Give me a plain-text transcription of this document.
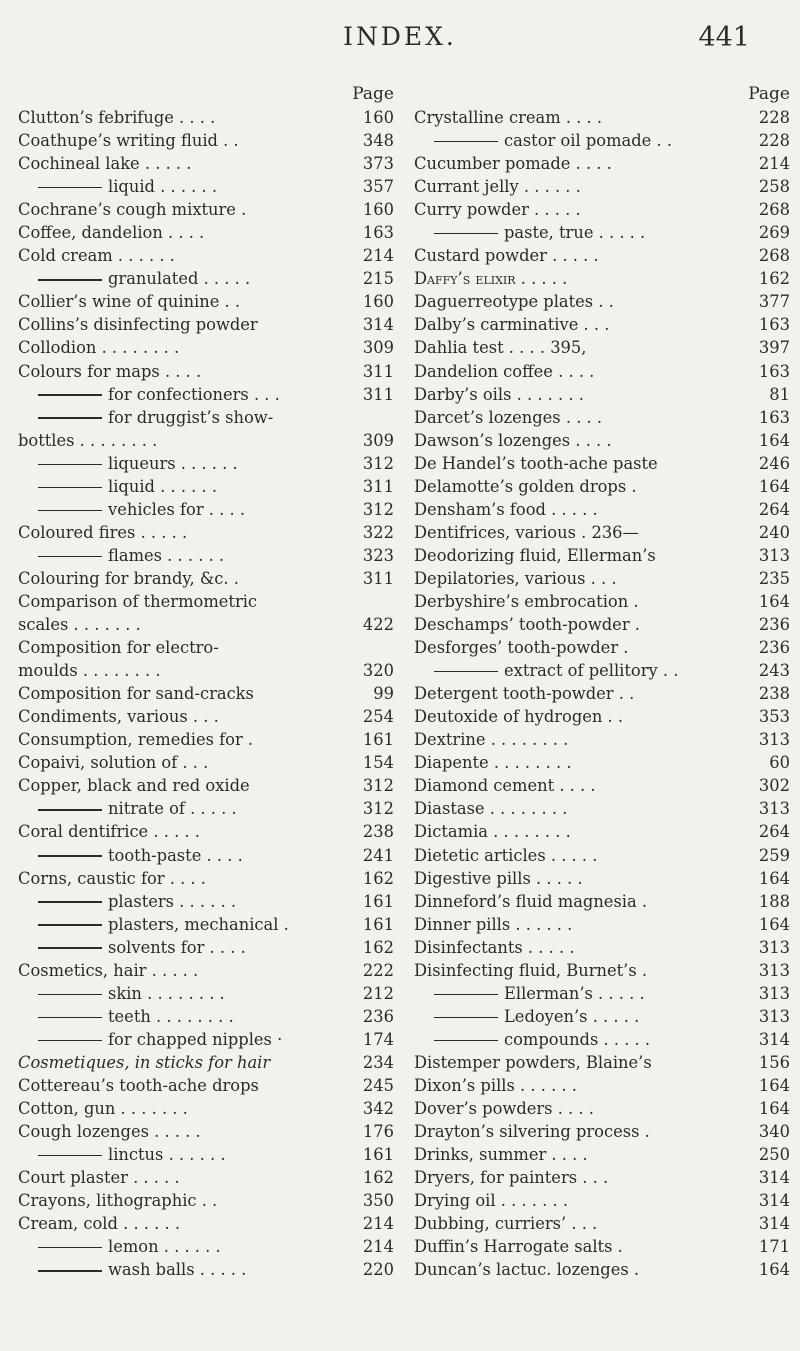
INDEX.	441
Page
Clutton’s febrifuge . . . .	160
Coathupe’s writing fluid . .	348
Cochineal lake . . . . .	373
liquid . . . . . .	357
Cochrane’s cough mixture .	160
Coffee, dandelion . . . .	163
Cold cream . . . . . .	214
granulated . . . . .	215
Collier’s wine of quinine . .	160
Collins’s disinfecting powder	314
Collodion . . . . . . . .	309
Colours for maps . . . .	311
for confectioners . . .	311
for druggist’s show-
bottles . . . . . . . .	309
liqueurs . . . . . .	312
liquid . . . . . .	311
vehicles for . . . .	312
Coloured fires . . . . .	322
flames . . . . . .	323
Colouring for brandy, &c. .	311
Comparison of thermometric
scales . . . . . . .	422
Composition for electro-
moulds . . . . . . . .	320
Composition for sand-cracks	99
Condiments, various . . .	254
Consumption, remedies for .	161
Copaivi, solution of . . .	154
Copper, black and red oxide	312
nitrate of . . . . .	312
Coral dentifrice . . . . .	238
tooth-paste . . . .	241
Corns, caustic for . . . .	162
plasters . . . . . .	161
plasters, mechanical .	161
solvents for . . . .	162
Cosmetics, hair . . . . .	222
skin . . . . . . . .	212
teeth . . . . . . . .	236
for chapped nipples ·	174
Cosmetiques, in sticks for hair	234
Cottereau’s tooth-ache drops	245
Cotton, gun . . . . . . .	342
Cough lozenges . . . . .	176
linctus . . . . . .	161
Court plaster . . . . .	162
Crayons, lithographic . .	350
Cream, cold . . . . . .	214
lemon . . . . . .	214
wash balls . . . . .	220
Page
Crystalline cream . . . .	228
castor oil pomade . .	228
Cucumber pomade . . . .	214
Currant jelly . . . . . .	258
Curry powder . . . . .	268
paste, true . . . . .	269
Custard powder . . . . .	268
Daffy’s elixir . . . . .	162
Daguerreotype plates . .	377
Dalby’s carminative . . .	163
Dahlia test . . . . 395,	397
Dandelion coffee . . . .	163
Darby’s oils . . . . . . .	81
Darcet’s lozenges . . . .	163
Dawson’s lozenges . . . .	164
De Handel’s tooth-ache paste	246
Delamotte’s golden drops .	164
Densham’s food . . . . .	264
Dentifrices, various . 236—	240
Deodorizing fluid, Ellerman’s	313
Depilatories, various . . .	235
Derbyshire’s embrocation .	164
Deschamps’ tooth-powder .	236
Desforges’ tooth-powder .	236
extract of pellitory . .	243
Detergent tooth-powder . .	238
Deutoxide of hydrogen . .	353
Dextrine . . . . . . . .	313
Diapente . . . . . . . .	60
Diamond cement . . . .	302
Diastase . . . . . . . .	313
Dictamia . . . . . . . .	264
Dietetic articles . . . . .	259
Digestive pills . . . . .	164
Dinneford’s fluid magnesia .	188
Dinner pills . . . . . .	164
Disinfectants . . . . .	313
Disinfecting fluid, Burnet’s .	313
Ellerman’s . . . . .	313
Ledoyen’s . . . . .	313
compounds . . . . .	314
Distemper powders, Blaine’s	156
Dixon’s pills . . . . . .	164
Dover’s powders . . . .	164
Drayton’s silvering process .	340
Drinks, summer . . . .	250
Dryers, for painters . . .	314
Drying oil . . . . . . .	314
Dubbing, curriers’ . . .	314
Duffin’s Harrogate salts .	171
Duncan’s lactuc. lozenges .	164
